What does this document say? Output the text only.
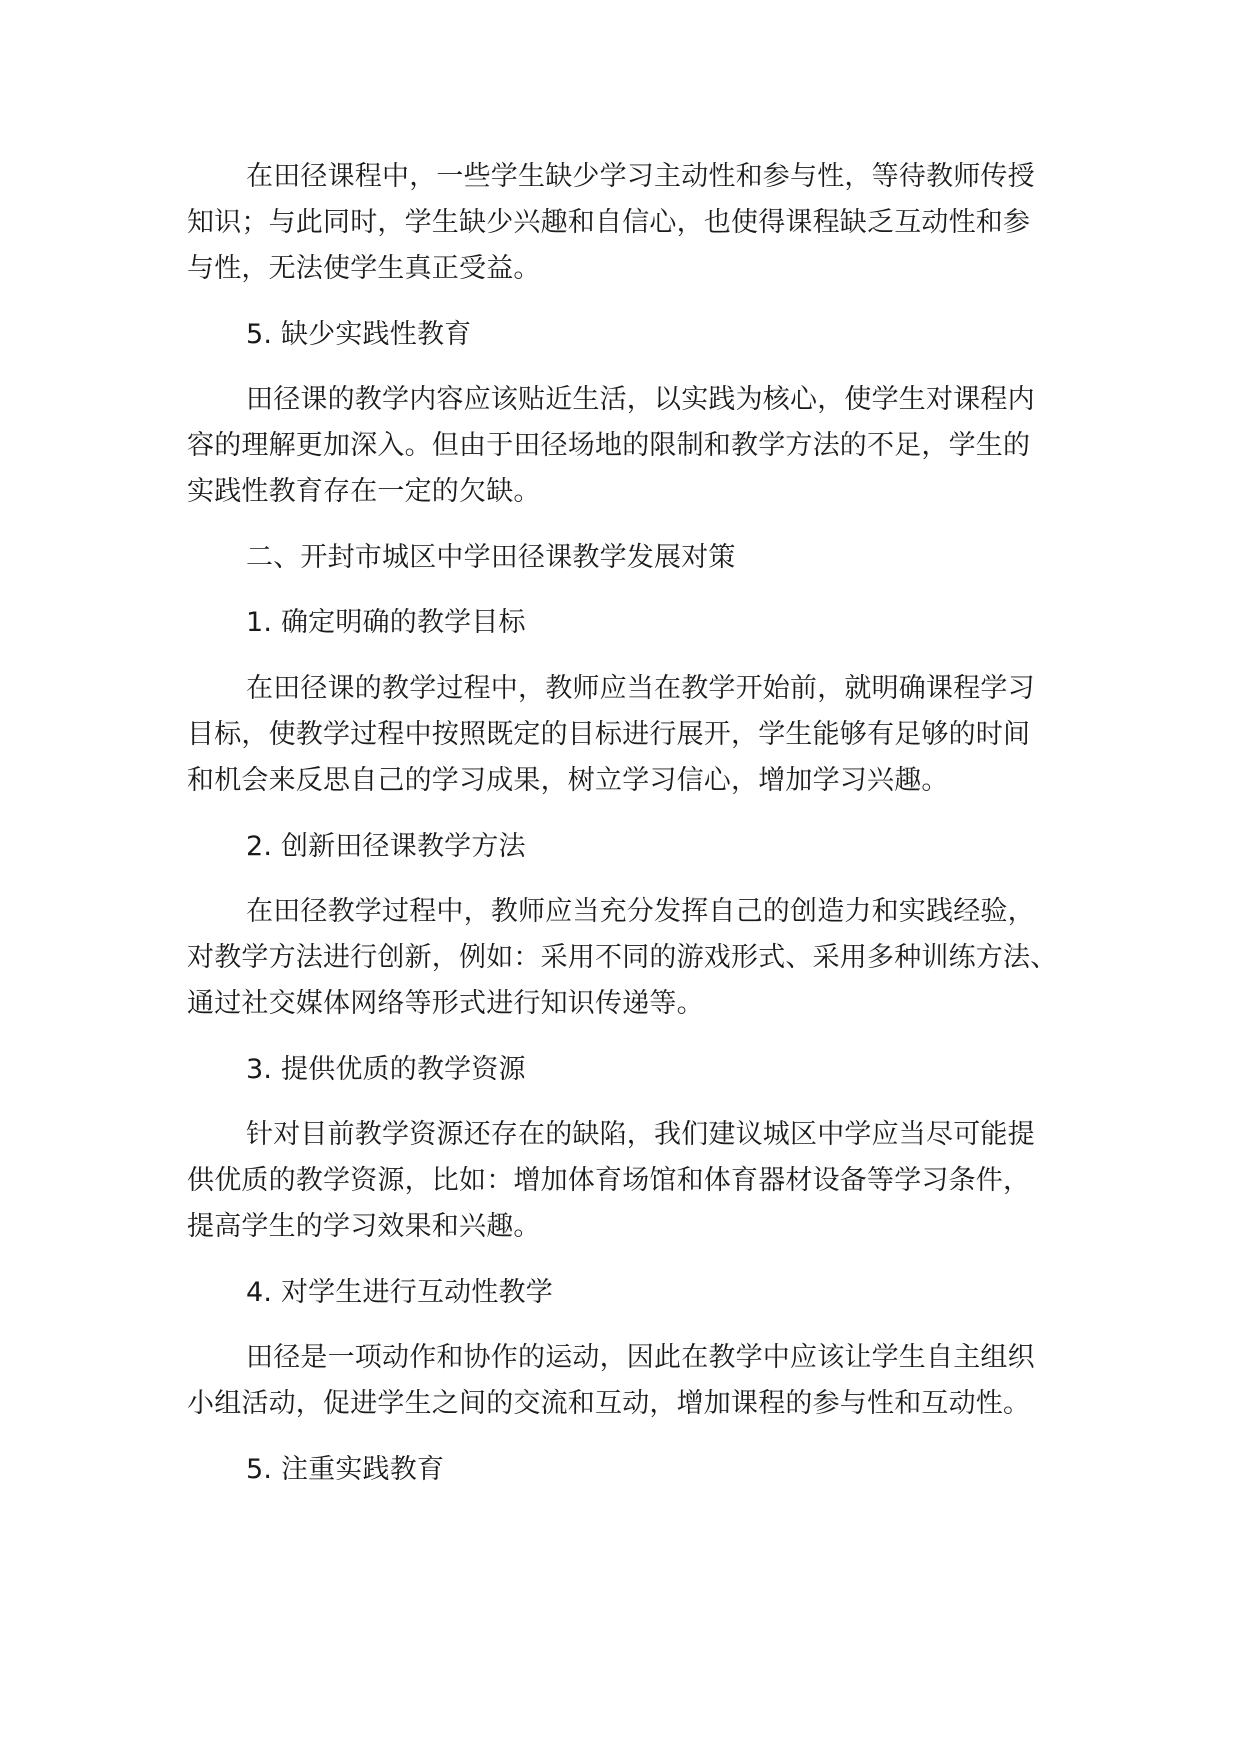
在田径课程中，一些学生缺少学习主动性和参与性，等待教师传授
知识；与此同时，学生缺少兴趣和自信心，也使得课程缺乏互动性和参
与性，无法使学生真正受益。
5. 缺少实践性教育
田径课的教学内容应该贴近生活，以实践为核心，使学生对课程内
容的理解更加深入。但由于田径场地的限制和教学方法的不足，学生的
实践性教育存在一定的欠缺。
二、开封市城区中学田径课教学发展对策
1. 确定明确的教学目标
在田径课的教学过程中，教师应当在教学开始前，就明确课程学习
目标，使教学过程中按照既定的目标进行展开，学生能够有足够的时间
和机会来反思自己的学习成果，树立学习信心，增加学习兴趣。
2. 创新田径课教学方法
在田径教学过程中，教师应当充分发挥自己的创造力和实践经验，
对教学方法进行创新，例如：采用不同的游戏形式、采用多种训练方法、
通过社交媒体网络等形式进行知识传递等。
3. 提供优质的教学资源
针对目前教学资源还存在的缺陷，我们建议城区中学应当尽可能提
供优质的教学资源，比如：增加体育场馆和体育器材设备等学习条件，
提高学生的学习效果和兴趣。
4. 对学生进行互动性教学
田径是一项动作和协作的运动，因此在教学中应该让学生自主组织
小组活动，促进学生之间的交流和互动，增加课程的参与性和互动性。
5. 注重实践教育
